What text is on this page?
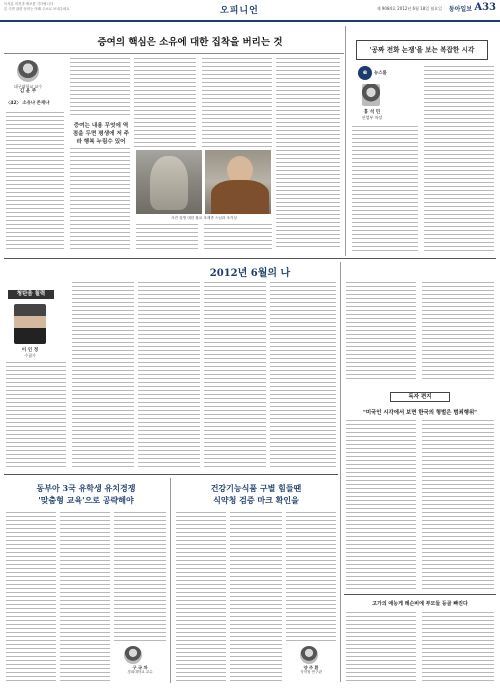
독자분 의견과 제보를 기다립니다
본 지면 관련 문의는 아래 주소로 보내주세요	오피니언	제 9084호 2012년 6월 18일 월요일 동아일보 A33
증여의 핵심은 소유에 대한 집착을 버리는 것
대구대학교 교수
김 윤 주
〈42〉 소유냐 존재냐
증여는 내용 무엇에 역점을 두면 평생에 저 주라 행복 누림수 있어
사진 설명 대한 불교 조계종 스님과 조각상
'공짜 전화 논쟁'을 보는 복잡한 시각
e	뉴스룸
홍 석 민
산업부 차장
2012년 6월의 나
청탄음 칠력
이 인 정
수필가
독자 편지
"미국인 시각에서 보면 한국의 형벌은 범죄행위"
동부아 3국 유학생 유치경쟁
'맞춤형 교육'으로 공략해야
구 국 차
경희대학교 교수
건강기능식품 구별 힘들땐
식약청 검증 마크 확인을
양 주 환
식약청 연구관
고가의 애능게 레슨비에 부모들 등골 빠진다
